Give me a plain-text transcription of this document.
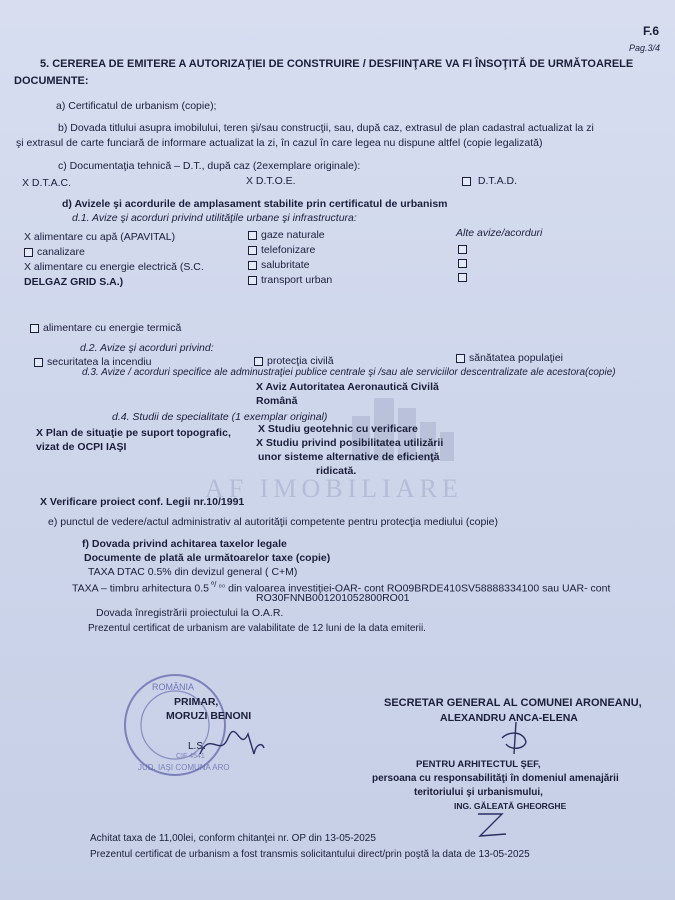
AF IMOBILIARE
F.6
Pag.3/4
5. CEREREA DE EMITERE A AUTORIZAŢIEI DE CONSTRUIRE / DESFIINŢARE VA FI ÎNSOŢITĂ DE URMĂTOARELE
DOCUMENTE:
a) Certificatul de urbanism (copie);
b) Dovada titlului asupra imobilului, teren şi/sau construcţii, sau, după caz, extrasul de plan cadastral actualizat la zi
şi extrasul de carte funciară de informare actualizat la zi, în cazul în care legea nu dispune altfel (copie legalizată)
c) Documentaţia tehnică – D.T., după caz (2exemplare originale):
X D.T.A.C.	X D.T.O.E.	D.T.A.D.
d) Avizele şi acordurile de amplasament stabilite prin certificatul de urbanism
d.1. Avize şi acorduri privind utilităţile urbane şi infrastructura:
X alimentare cu apă (APAVITAL)
canalizare
X alimentare cu energie electrică (S.C.
DELGAZ GRID S.A.)
gaze naturale
telefonizare
salubritate
transport urban
Alte avize/acorduri
alimentare cu energie termică
d.2. Avize şi acorduri privind:
securitatea la incendiu	protecţia civilă	sănătatea populaţiei
d.3. Avize / acorduri specifice ale adminustraţiei publice centrale şi /sau ale serviciilor descentralizate ale acestora(copie)
X Aviz Autoritatea Aeronautică Civilă
Română
d.4. Studii de specialitate (1 exemplar original)
X Plan de situaţie pe suport topografic,
vizat de OCPI IAŞI
X Studiu geotehnic cu verificare
X Studiu privind posibilitatea utilizării
unor sisteme alternative de eficienţă
ridicată.
X Verificare proiect conf. Legii nr.10/1991
e) punctul de vedere/actul administrativ al autorităţii competente pentru protecţia mediului (copie)
f) Dovada privind achitarea taxelor legale
Documente de plată ale următoarelor taxe (copie)
TAXA DTAC 0.5% din devizul general ( C+M)
TAXA – timbru arhitectura 0.5 $^{º/ _{00}}$ din valoarea investiţiei-OAR- cont RO09BRDE410SV58888334100 sau UAR- cont
RO30FNNB001201052800RO01
Dovada înregistrării proiectului la O.A.R.
Prezentul certificat de urbanism are valabilitate de 12 luni de la data emiterii.
ROMÂNIA
JUD. IAŞI COMUNA ARO
CIF 4541
PRIMAR,
MORUZI BENONI
L.S.
SECRETAR GENERAL AL COMUNEI ARONEANU,
ALEXANDRU ANCA-ELENA
PENTRU ARHITECTUL ŞEF,
persoana cu responsabilităţi în domeniul amenajării
teritoriului şi urbanismului,
ING. GĂLEATĂ GHEORGHE
Achitat taxa de 11,00lei, conform chitanţei nr. OP din 13-05-2025
Prezentul certificat de urbanism a fost transmis solicitantului direct/prin poştă la data de 13-05-2025
